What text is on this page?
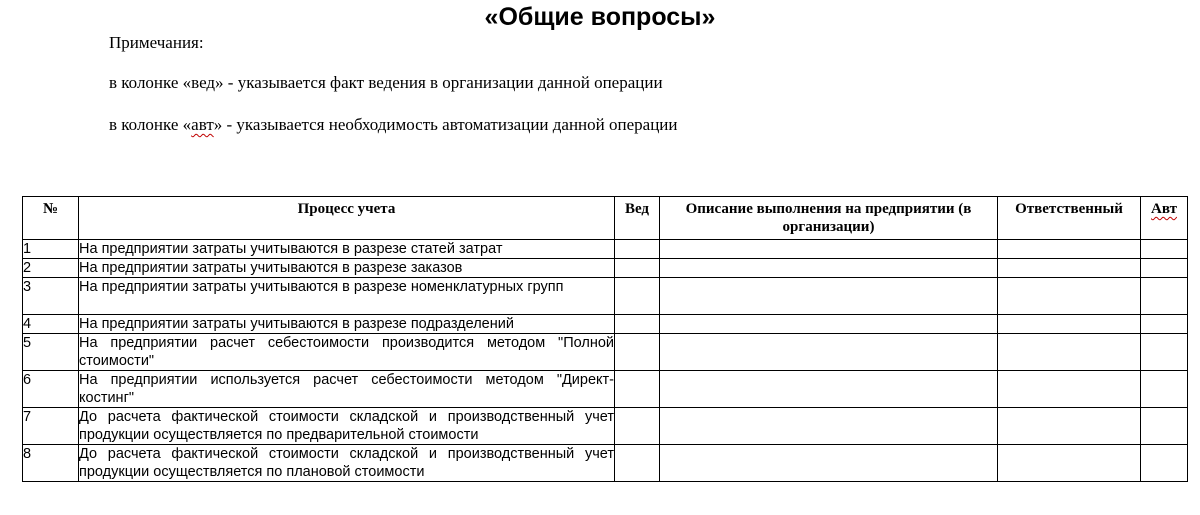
«Общие вопросы»
Примечания:
в колонке «вед» - указывается факт ведения в организации данной операции
в колонке «авт» - указывается необходимость автоматизации данной операции
№	Процесс учета	Вед	Описание выполнения на предприятии (в организации)	Ответственный	Авт
1	На предприятии затраты учитываются в разрезе статей затрат				

2	На предприятии затраты учитываются в разрезе заказов				

3	На предприятии затраты учитываются в разрезе номенклатурных групп				

4	На предприятии затраты учитываются в разрезе подразделений				

5	На предприятии расчет себестоимости производится методом "Полной стоимости"				

6	На предприятии используется расчет себестоимости методом "Директ-костинг"				

7	До расчета фактической стоимости складской и производственный учет продукции осуществляется по предварительной стоимости				

8	До расчета фактической стоимости складской и производственный учет продукции осуществляется по плановой стоимости				
